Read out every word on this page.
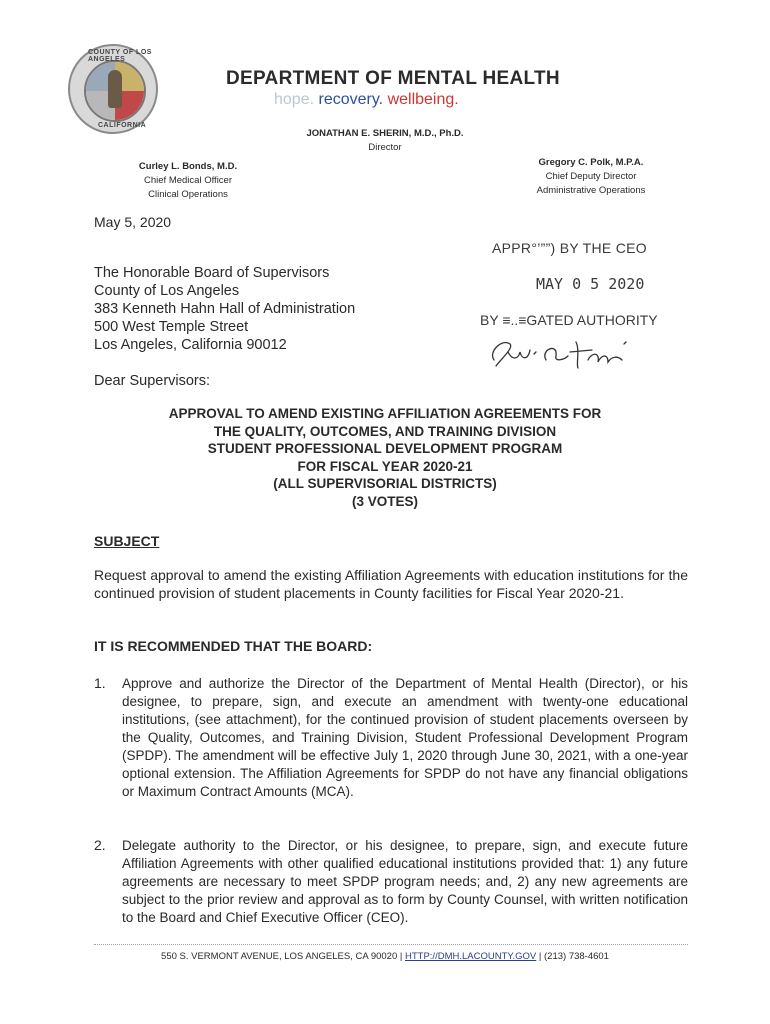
COUNTY OF LOS ANGELES
CALIFORNIA
DEPARTMENT OF MENTAL HEALTH
hope. recovery. wellbeing.
JONATHAN E. SHERIN, M.D., Ph.D.
Director
Curley L. Bonds, M.D.
Chief Medical Officer
Clinical Operations
Gregory C. Polk, M.P.A.
Chief Deputy Director
Administrative Operations
May 5, 2020
APPR°’””) BY THE CEO
MAY 0 5 2020
BY ≡..≡GATED AUTHORITY
The Honorable Board of Supervisors
County of Los Angeles
383 Kenneth Hahn Hall of Administration
500 West Temple Street
Los Angeles, California 90012
Dear Supervisors:
APPROVAL TO AMEND EXISTING AFFILIATION AGREEMENTS FOR
THE QUALITY, OUTCOMES, AND TRAINING DIVISION
STUDENT PROFESSIONAL DEVELOPMENT PROGRAM
FOR FISCAL YEAR 2020-21
(ALL SUPERVISORIAL DISTRICTS)
(3 VOTES)
SUBJECT
Request approval to amend the existing Affiliation Agreements with education institutions for the continued provision of student placements in County facilities for Fiscal Year 2020-21.
IT IS RECOMMENDED THAT THE BOARD:
1. Approve and authorize the Director of the Department of Mental Health (Director), or his designee, to prepare, sign, and execute an amendment with twenty-one educational institutions, (see attachment), for the continued provision of student placements overseen by the Quality, Outcomes, and Training Division, Student Professional Development Program (SPDP). The amendment will be effective July 1, 2020 through June 30, 2021, with a one-year optional extension. The Affiliation Agreements for SPDP do not have any financial obligations or Maximum Contract Amounts (MCA).
2. Delegate authority to the Director, or his designee, to prepare, sign, and execute future Affiliation Agreements with other qualified educational institutions provided that: 1) any future agreements are necessary to meet SPDP program needs; and, 2) any new agreements are subject to the prior review and approval as to form by County Counsel, with written notification to the Board and Chief Executive Officer (CEO).
550 S. VERMONT AVENUE, LOS ANGELES, CA 90020 | HTTP://DMH.LACOUNTY.GOV | (213) 738-4601
